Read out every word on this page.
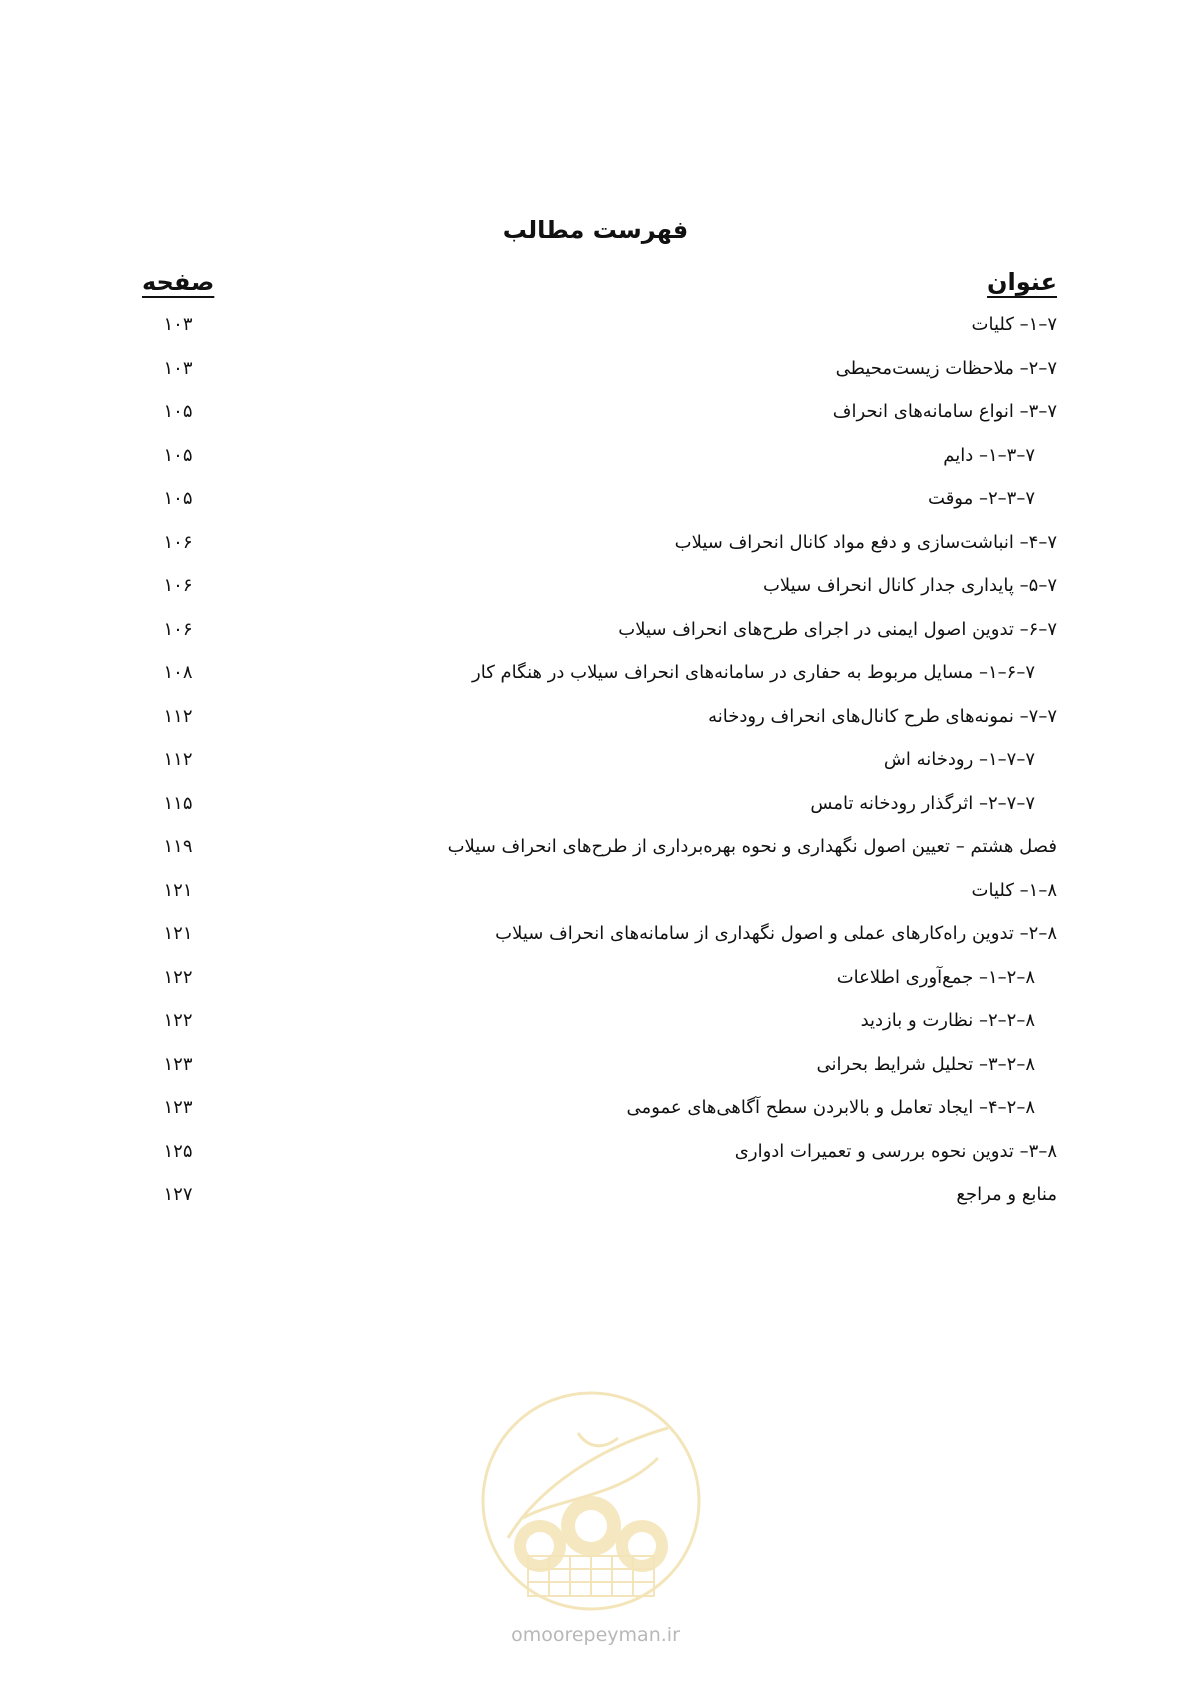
فهرست مطالب
عنوان
صفحه
۷–۱– کلیات
۱۰۳
۷–۲– ملاحظات زیست‌محیطی
۱۰۳
۷–۳– انواع سامانه‌های انحراف
۱۰۵
۷–۳–۱– دایم
۱۰۵
۷–۳–۲– موقت
۱۰۵
۷–۴– انباشت‌سازی و دفع مواد کانال انحراف سیلاب
۱۰۶
۷–۵– پایداری جدار کانال انحراف سیلاب
۱۰۶
۷–۶– تدوین اصول ایمنی در اجرای طرح‌های انحراف سیلاب
۱۰۶
۷–۶–۱– مسایل مربوط به حفاری در سامانه‌های انحراف سیلاب در هنگام کار
۱۰۸
۷–۷– نمونه‌های طرح کانال‌های انحراف رودخانه
۱۱۲
۷–۷–۱– رودخانه اش
۱۱۲
۷–۷–۲– اثرگذار رودخانه تامس
۱۱۵
فصل هشتم – تعیین اصول نگهداری و نحوه بهره‌برداری از طرح‌های انحراف سیلاب
۱۱۹
۸–۱– کلیات
۱۲۱
۸–۲– تدوین راه‌کارهای عملی و اصول نگهداری از سامانه‌های انحراف سیلاب
۱۲۱
۸–۲–۱– جمع‌آوری اطلاعات
۱۲۲
۸–۲–۲– نظارت و بازدید
۱۲۲
۸–۲–۳– تحلیل شرایط بحرانی
۱۲۳
۸–۲–۴– ایجاد تعامل و بالابردن سطح آگاهی‌های عمومی
۱۲۳
۸–۳– تدوین نحوه بررسی و تعمیرات ادواری
۱۲۵
منابع و مراجع
۱۲۷
omoorepeyman.ir
